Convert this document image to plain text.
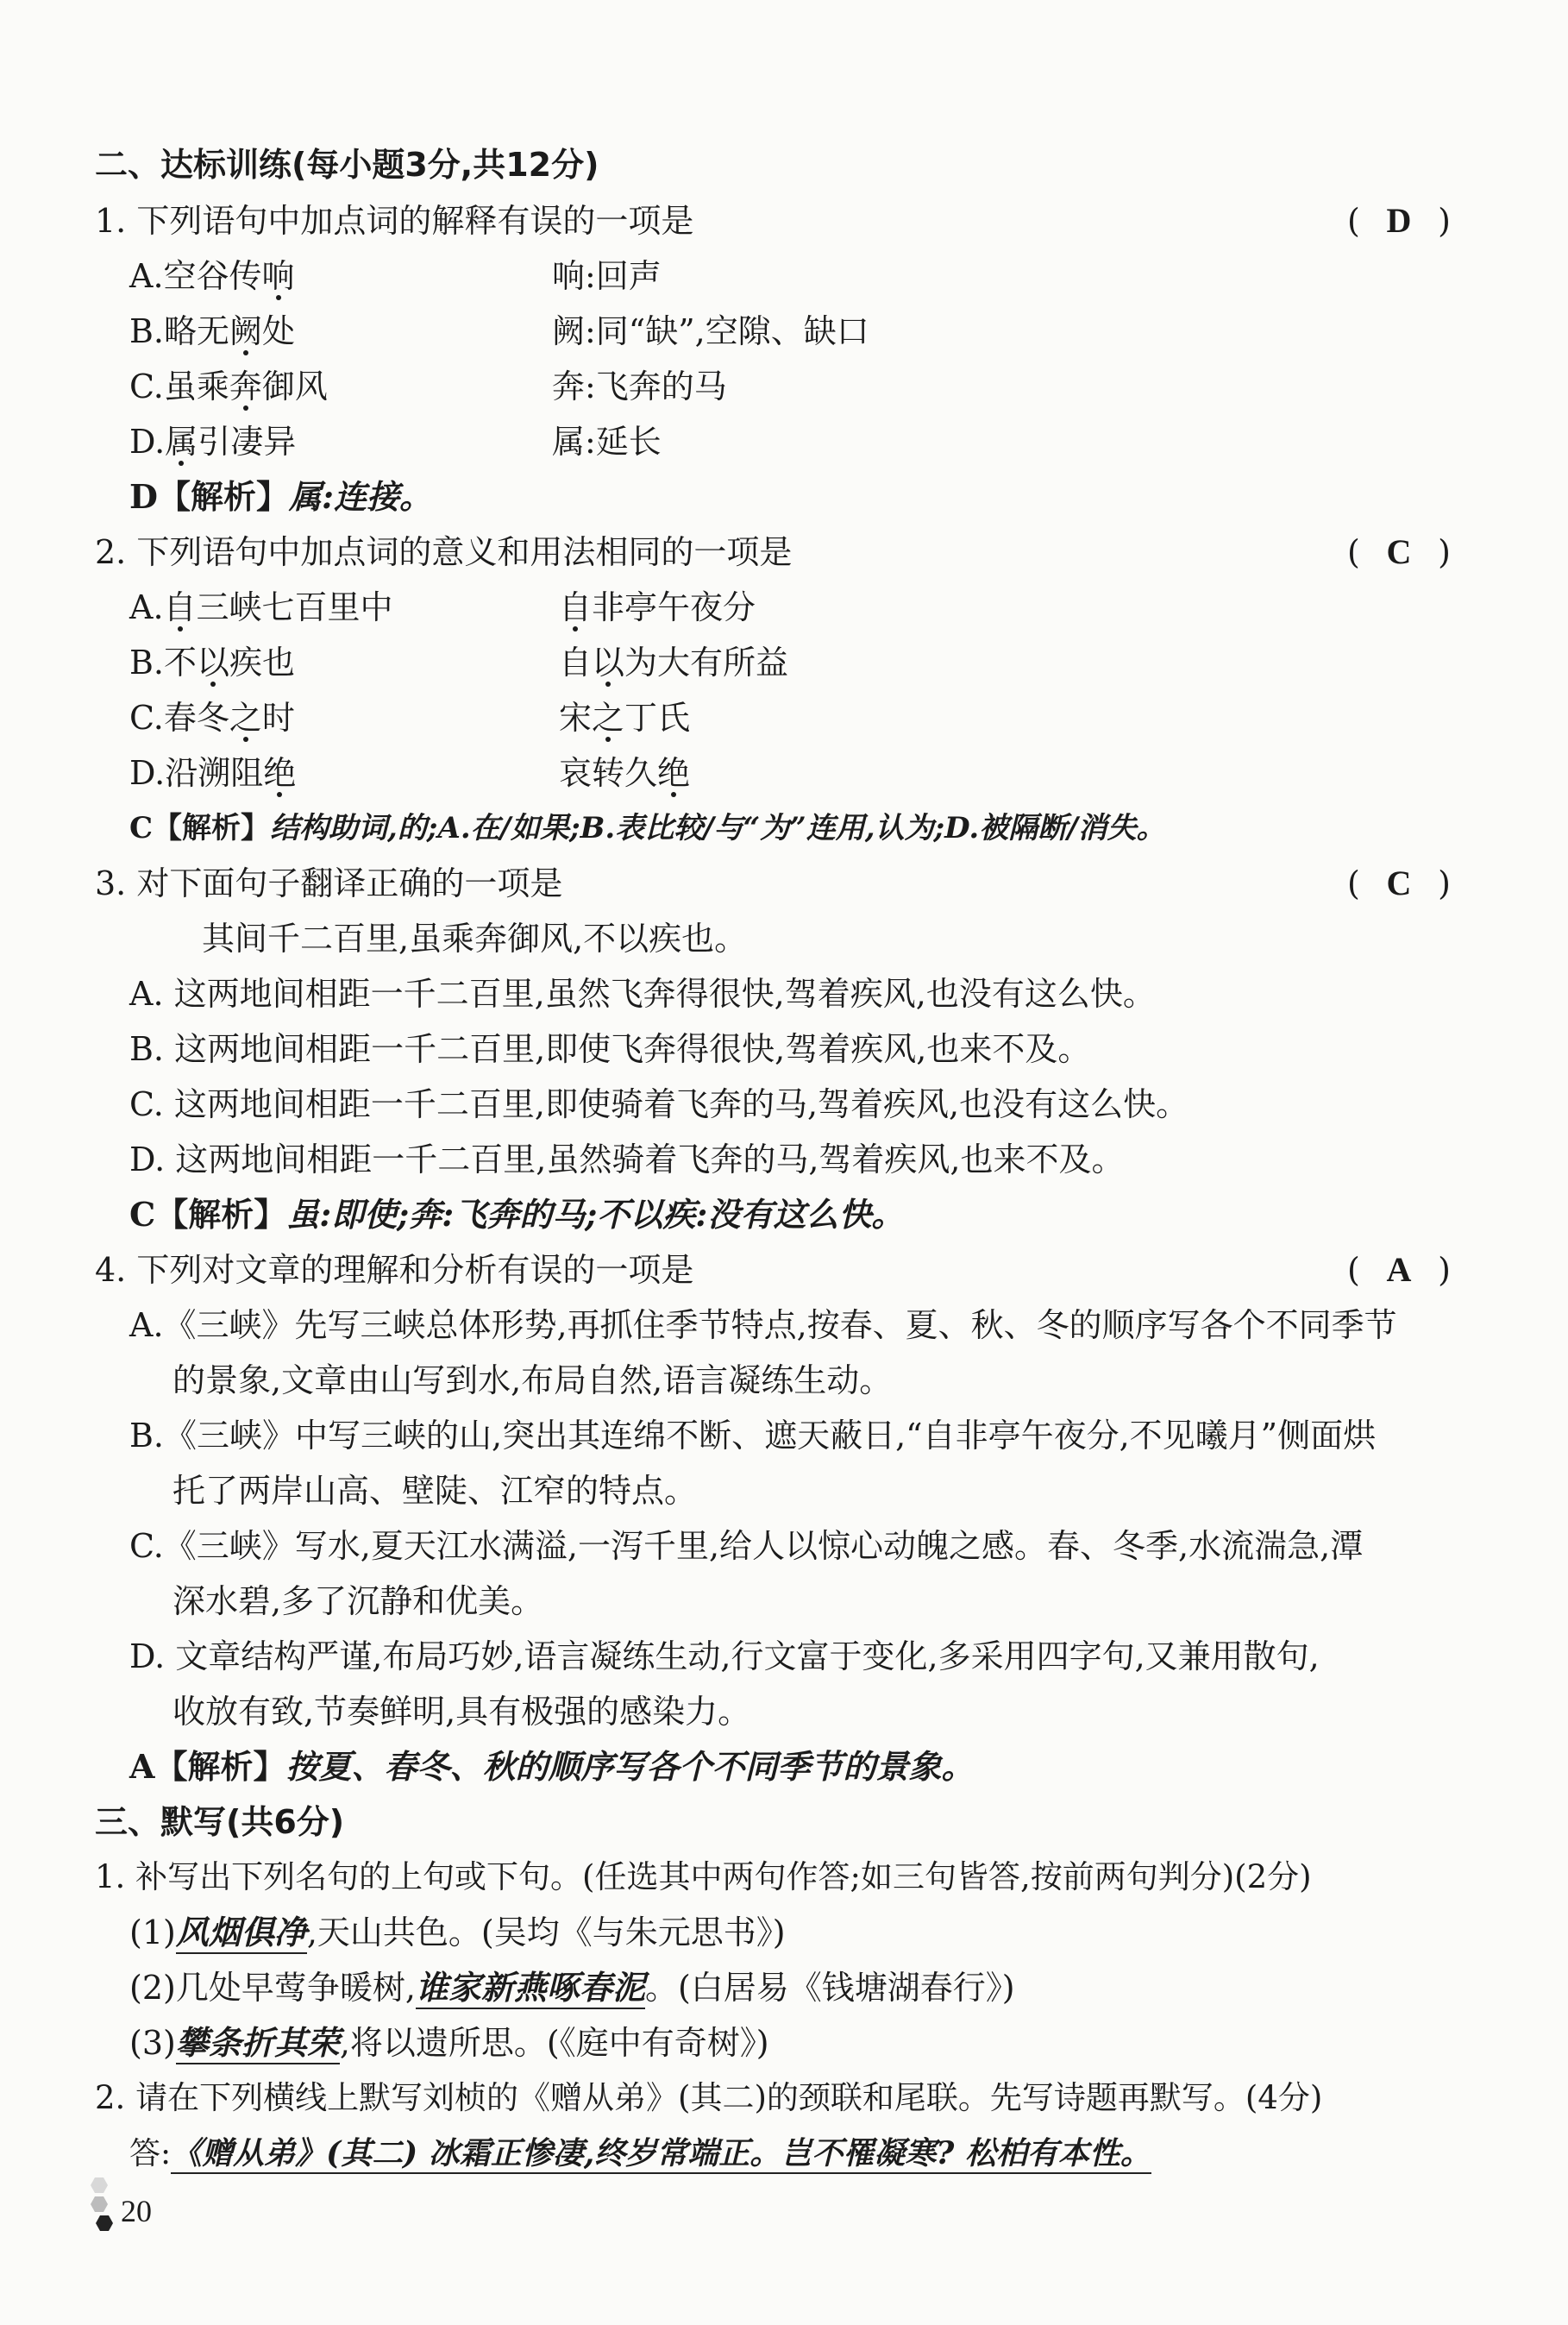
二、达标训练(每小题3分,共12分)
1. 下列语句中加点词的解释有误的一项是	( D )
A.空谷传响	响:回声
B.略无阙处	阙:同“缺”,空隙、缺口
C.虽乘奔御风	奔:飞奔的马
D.属引凄异	属:延长
D【解析】属:连接。
2. 下列语句中加点词的意义和用法相同的一项是	( C )
A.自三峡七百里中	自非亭午夜分
B.不以疾也	自以为大有所益
C.春冬之时	宋之丁氏
D.沿溯阻绝	哀转久绝
C【解析】结构助词,的;A.在/如果;B.表比较/与“为”连用,认为;D.被隔断/消失。
3. 对下面句子翻译正确的一项是	( C )
其间千二百里,虽乘奔御风,不以疾也。
A. 这两地间相距一千二百里,虽然飞奔得很快,驾着疾风,也没有这么快。
B. 这两地间相距一千二百里,即使飞奔得很快,驾着疾风,也来不及。
C. 这两地间相距一千二百里,即使骑着飞奔的马,驾着疾风,也没有这么快。
D. 这两地间相距一千二百里,虽然骑着飞奔的马,驾着疾风,也来不及。
C【解析】虽:即使;奔:飞奔的马;不以疾:没有这么快。
4. 下列对文章的理解和分析有误的一项是	( A )
A.《三峡》先写三峡总体形势,再抓住季节特点,按春、夏、秋、冬的顺序写各个不同季节
的景象,文章由山写到水,布局自然,语言凝练生动。
B.《三峡》中写三峡的山,突出其连绵不断、遮天蔽日,“自非亭午夜分,不见曦月”侧面烘
托了两岸山高、壁陡、江窄的特点。
C.《三峡》写水,夏天江水满溢,一泻千里,给人以惊心动魄之感。春、冬季,水流湍急,潭
深水碧,多了沉静和优美。
D. 文章结构严谨,布局巧妙,语言凝练生动,行文富于变化,多采用四字句,又兼用散句,
收放有致,节奏鲜明,具有极强的感染力。
A【解析】按夏、春冬、秋的顺序写各个不同季节的景象。
三、默写(共6分)
1. 补写出下列名句的上句或下句。(任选其中两句作答;如三句皆答,按前两句判分)(2分)
(1)风烟俱净,天山共色。(吴均《与朱元思书》)
(2)几处早莺争暖树,谁家新燕啄春泥。(白居易《钱塘湖春行》)
(3)攀条折其荣,将以遗所思。(《庭中有奇树》)
2. 请在下列横线上默写刘桢的《赠从弟》(其二)的颈联和尾联。先写诗题再默写。(4分)
答:《赠从弟》(其二) 冰霜正惨凄,终岁常端正。岂不罹凝寒? 松柏有本性。
20
